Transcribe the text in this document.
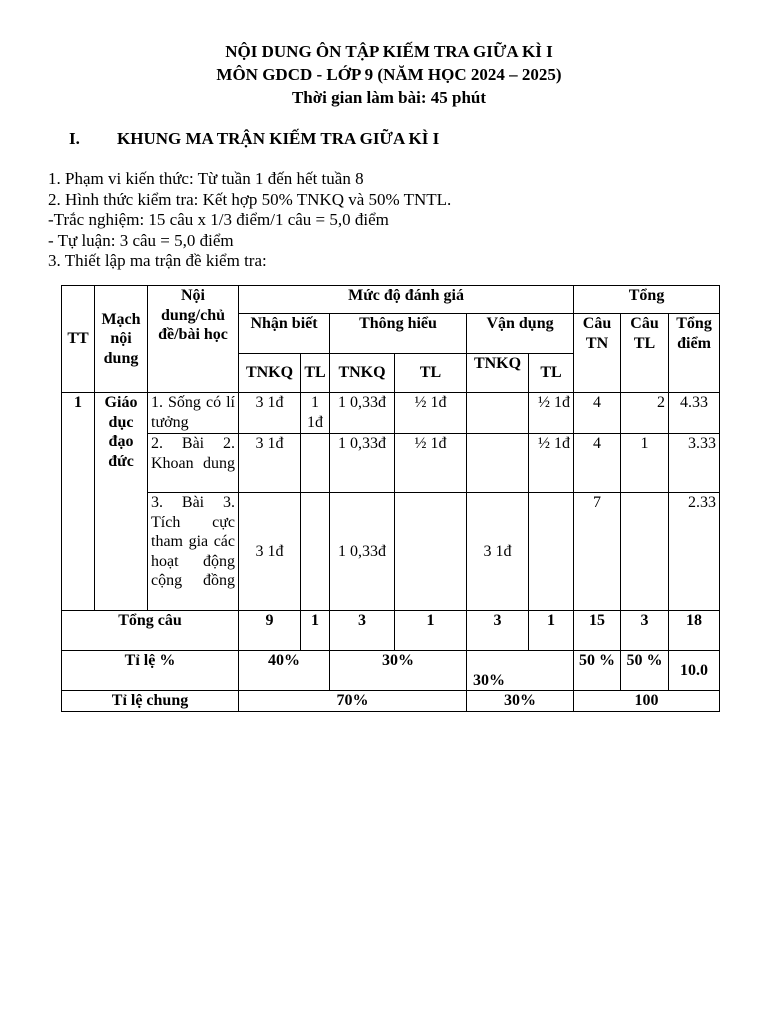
NỘI DUNG ÔN TẬP KIẾM TRA GIỮA KÌ I
MÔN GDCD - LỚP 9 (NĂM HỌC 2024 – 2025)
Thời gian làm bài: 45 phút
I. KHUNG MA TRẬN KIẾM TRA GIỮA KÌ I
1. Phạm vi kiến thức: Từ tuần 1 đến hết tuần 8
2. Hình thức kiểm tra: Kết hợp 50% TNKQ và 50% TNTL.
-Trắc nghiệm: 15 câu x 1/3 điểm/1 câu = 5,0 điểm
- Tự luận: 3 câu = 5,0 điểm
3. Thiết lập ma trận đề kiểm tra:
TT	Mạch nội dung	Nội dung/chủ đề/bài học	Mức độ đánh giá						Tổng		
			Nhận biết		Thông hiểu		Vận dụng		Câu TN	Câu TL	Tổng điểm
			TNKQ	TL	TNKQ	TL	TNKQ	TL			
1	Giáo dục đạo đức	1. Sống có lí tưởng	3 1đ	1 1đ	1 0,33đ	½ 1đ		½ 1đ	4	2	4.33
		2. Bài 2. Khoan dung	3 1đ		1 0,33đ	½ 1đ		½ 1đ	4	1	3.33
		3. Bài 3. Tích cực tham gia các hoạt động cộng đồng	3 1đ		1 0,33đ		3 1đ		7		2.33
Tổng câu			9	1	3	1	3	1	15	3	18
Tỉ lệ %			40%		30%		30%		50 %	50 %	10.0
Tỉ lệ chung			70%				30%		100		
